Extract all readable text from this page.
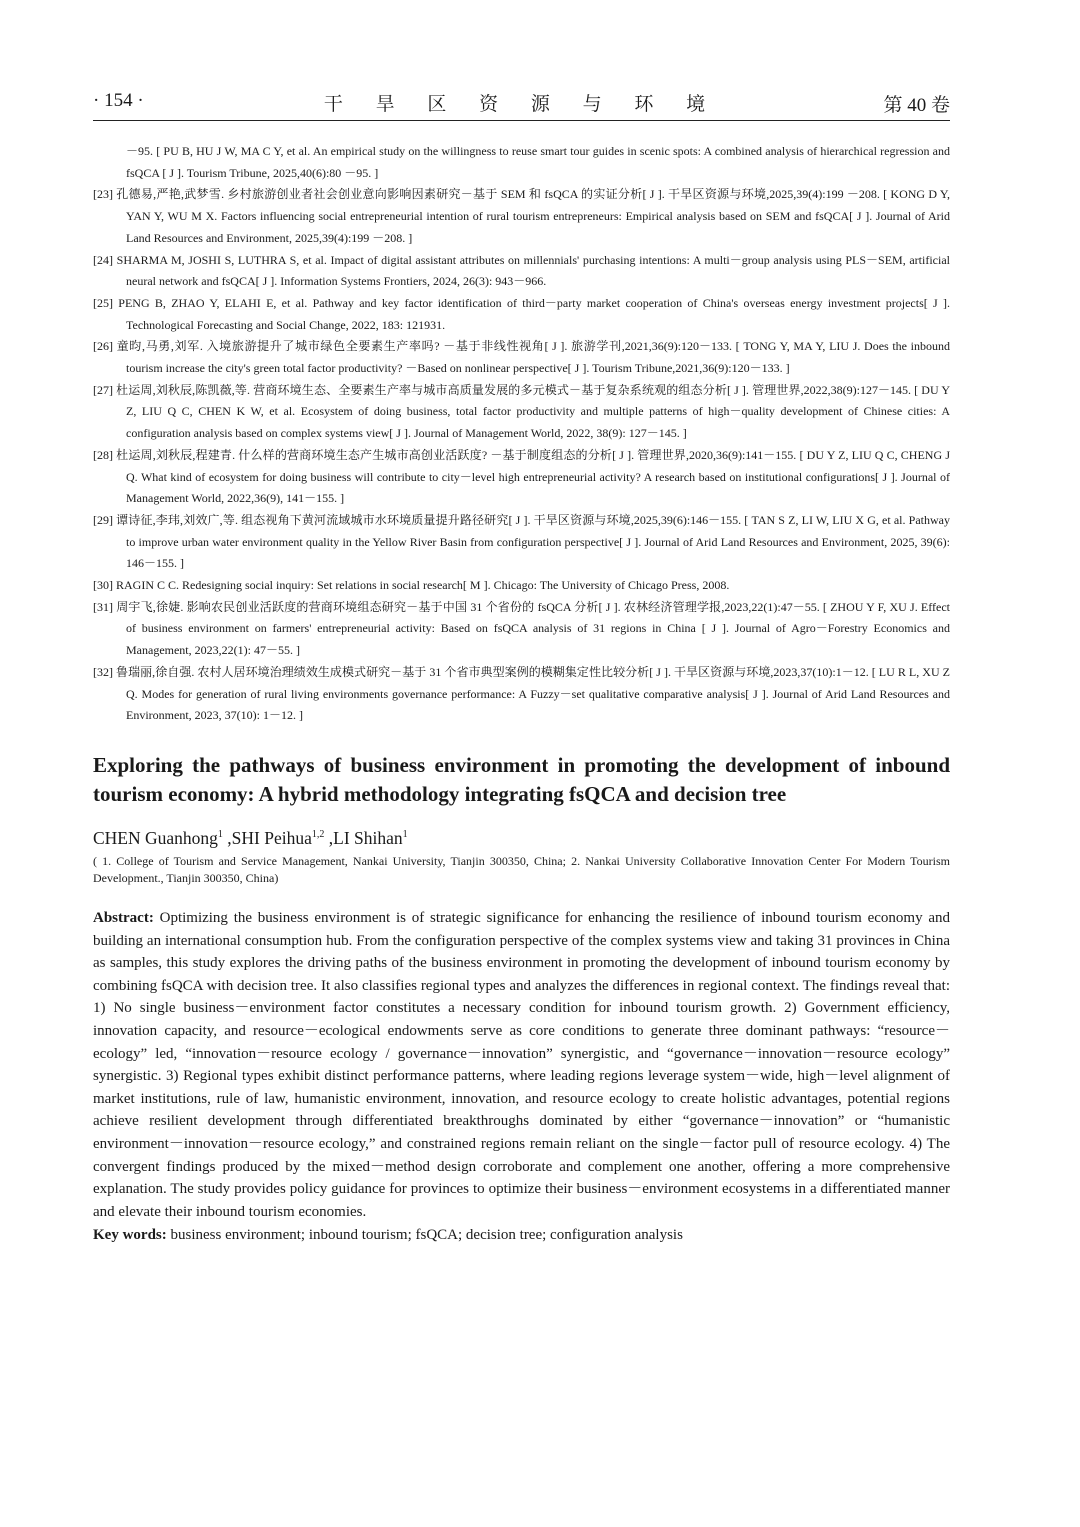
· 154 ·	干 旱 区 资 源 与 环 境	第 40 卷
－95. [ PU B, HU J W, MA C Y, et al. An empirical study on the willingness to reuse smart tour guides in scenic spots: A combined analysis of hierarchical regression and fsQCA [ J ]. Tourism Tribune, 2025,40(6):80 －95. ]
[23] 孔德易,严艳,武梦雪. 乡村旅游创业者社会创业意向影响因素研究－基于 SEM 和 fsQCA 的实证分析[ J ]. 干旱区资源与环境,2025,39(4):199 －208. [ KONG D Y, YAN Y, WU M X. Factors influencing social entrepreneurial intention of rural tourism entrepreneurs: Empirical analysis based on SEM and fsQCA[ J ]. Journal of Arid Land Resources and Environment, 2025,39(4):199 －208. ]
[24] SHARMA M, JOSHI S, LUTHRA S, et al. Impact of digital assistant attributes on millennials' purchasing intentions: A multi－group analysis using PLS－SEM, artificial neural network and fsQCA[ J ]. Information Systems Frontiers, 2024, 26(3): 943－966.
[25] PENG B, ZHAO Y, ELAHI E, et al. Pathway and key factor identification of third－party market cooperation of China's overseas energy investment projects[ J ]. Technological Forecasting and Social Change, 2022, 183: 121931.
[26] 童昀,马勇,刘军. 入境旅游提升了城市绿色全要素生产率吗? －基于非线性视角[ J ]. 旅游学刊,2021,36(9):120－133. [ TONG Y, MA Y, LIU J. Does the inbound tourism increase the city's green total factor productivity? －Based on nonlinear perspective[ J ]. Tourism Tribune,2021,36(9):120－133. ]
[27] 杜运周,刘秋辰,陈凯薇,等. 营商环境生态、全要素生产率与城市高质量发展的多元模式－基于复杂系统观的组态分析[ J ]. 管理世界,2022,38(9):127－145. [ DU Y Z, LIU Q C, CHEN K W, et al. Ecosystem of doing business, total factor productivity and multiple patterns of high－quality development of Chinese cities: A configuration analysis based on complex systems view[ J ]. Journal of Management World, 2022, 38(9): 127－145. ]
[28] 杜运周,刘秋辰,程建青. 什么样的营商环境生态产生城市高创业活跃度? －基于制度组态的分析[ J ]. 管理世界,2020,36(9):141－155. [ DU Y Z, LIU Q C, CHENG J Q. What kind of ecosystem for doing business will contribute to city－level high entrepreneurial activity? A research based on institutional configurations[ J ]. Journal of Management World, 2022,36(9), 141－155. ]
[29] 谭诗征,李玮,刘效广,等. 组态视角下黄河流域城市水环境质量提升路径研究[ J ]. 干旱区资源与环境,2025,39(6):146－155. [ TAN S Z, LI W, LIU X G, et al. Pathway to improve urban water environment quality in the Yellow River Basin from configuration perspective[ J ]. Journal of Arid Land Resources and Environment, 2025, 39(6): 146－155. ]
[30] RAGIN C C. Redesigning social inquiry: Set relations in social research[ M ]. Chicago: The University of Chicago Press, 2008.
[31] 周宇飞,徐婕. 影响农民创业活跃度的营商环境组态研究－基于中国 31 个省份的 fsQCA 分析[ J ]. 农林经济管理学报,2023,22(1):47－55. [ ZHOU Y F, XU J. Effect of business environment on farmers' entrepreneurial activity: Based on fsQCA analysis of 31 regions in China [ J ]. Journal of Agro－Forestry Economics and Management, 2023,22(1): 47－55. ]
[32] 鲁瑞丽,徐自强. 农村人居环境治理绩效生成模式研究－基于 31 个省市典型案例的模糊集定性比较分析[ J ]. 干旱区资源与环境,2023,37(10):1－12. [ LU R L, XU Z Q. Modes for generation of rural living environments governance performance: A Fuzzy－set qualitative comparative analysis[ J ]. Journal of Arid Land Resources and Environment, 2023, 37(10): 1－12. ]
Exploring the pathways of business environment in promoting the development of inbound tourism economy: A hybrid methodology integrating fsQCA and decision tree
CHEN Guanhong$^1$ ,SHI Peihua$^{1,2}$ ,LI Shihan$^1$
( 1. College of Tourism and Service Management, Nankai University, Tianjin 300350, China; 2. Nankai University Collaborative Innovation Center For Modern Tourism Development., Tianjin 300350, China)
Abstract: Optimizing the business environment is of strategic significance for enhancing the resilience of inbound tourism economy and building an international consumption hub. From the configuration perspective of the complex systems view and taking 31 provinces in China as samples, this study explores the driving paths of the business environment in promoting the development of inbound tourism economy by combining fsQCA with decision tree. It also classifies regional types and analyzes the differences in regional context. The findings reveal that: 1) No single business－environment factor constitutes a necessary condition for inbound tourism growth. 2) Government efficiency, innovation capacity, and resource－ecological endowments serve as core conditions to generate three dominant pathways: “resource－ecology” led, “innovation－resource ecology / governance－innovation” synergistic, and “governance－innovation－resource ecology” synergistic. 3) Regional types exhibit distinct performance patterns, where leading regions leverage system－wide, high－level alignment of market institutions, rule of law, humanistic environment, innovation, and resource ecology to create holistic advantages, potential regions achieve resilient development through differentiated breakthroughs dominated by either “governance－innovation” or “humanistic environment－innovation－resource ecology,” and constrained regions remain reliant on the single－factor pull of resource ecology. 4) The convergent findings produced by the mixed－method design corroborate and complement one another, offering a more comprehensive explanation. The study provides policy guidance for provinces to optimize their business－environment ecosystems in a differentiated manner and elevate their inbound tourism economies.
Key words: business environment; inbound tourism; fsQCA; decision tree; configuration analysis
